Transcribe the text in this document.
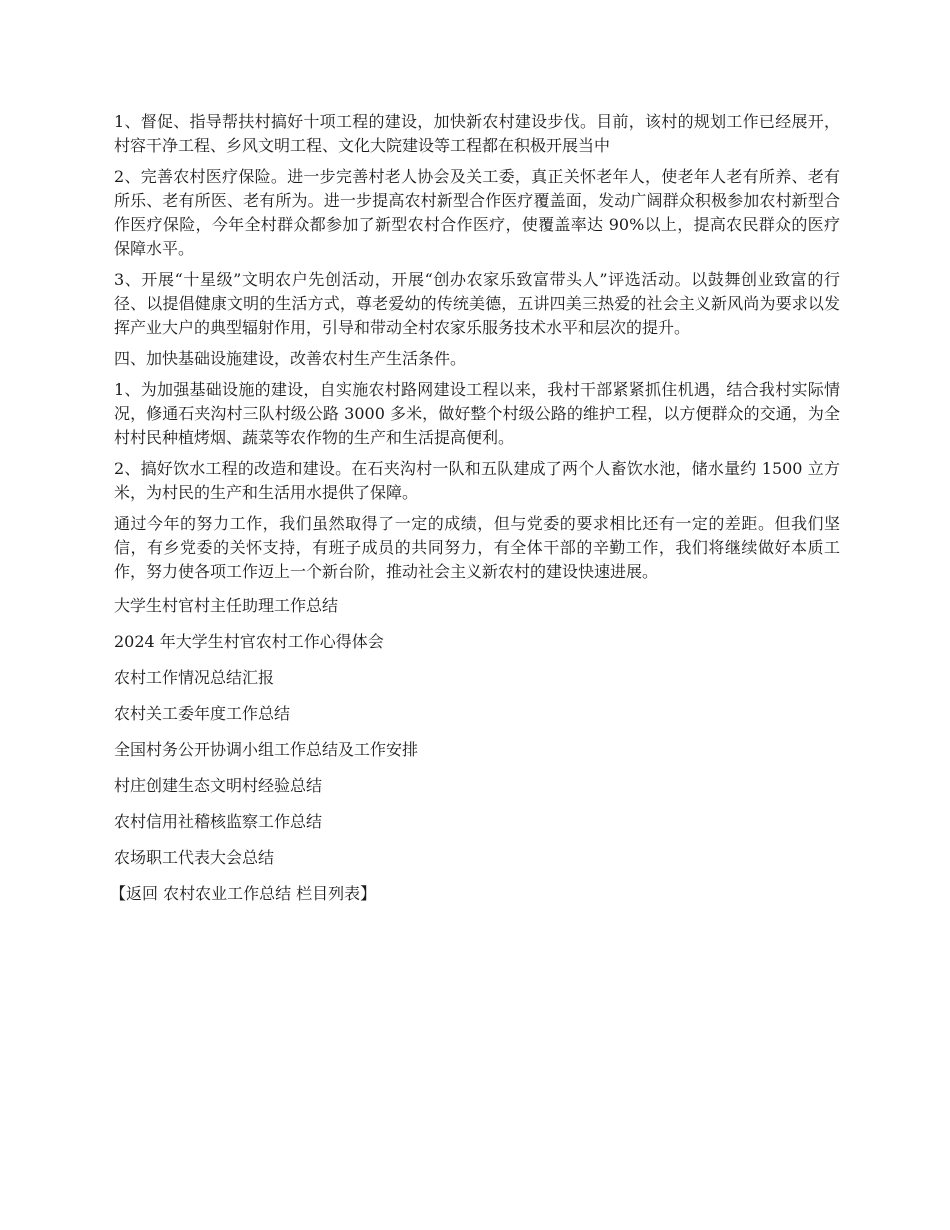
1、督促、指导帮扶村搞好十项工程的建设，加快新农村建设步伐。目前，该村的规划工作已经展开，村容干净工程、乡风文明工程、文化大院建设等工程都在积极开展当中

2、完善农村医疗保险。进一步完善村老人协会及关工委，真正关怀老年人，使老年人老有所养、老有所乐、老有所医、老有所为。进一步提高农村新型合作医疗覆盖面，发动广阔群众积极参加农村新型合作医疗保险，今年全村群众都参加了新型农村合作医疗，使覆盖率达 90%以上，提高农民群众的医疗保障水平。

3、开展“十星级”文明农户先创活动，开展“创办农家乐致富带头人”评选活动。以鼓舞创业致富的行径、以提倡健康文明的生活方式，尊老爱幼的传统美德，五讲四美三热爱的社会主义新风尚为要求以发挥产业大户的典型辐射作用，引导和带动全村农家乐服务技术水平和层次的提升。

四、加快基础设施建设，改善农村生产生活条件。

1、为加强基础设施的建设，自实施农村路网建设工程以来，我村干部紧紧抓住机遇，结合我村实际情况，修通石夹沟村三队村级公路 3000 多米，做好整个村级公路的维护工程，以方便群众的交通，为全村村民种植烤烟、蔬菜等农作物的生产和生活提高便利。

2、搞好饮水工程的改造和建设。在石夹沟村一队和五队建成了两个人畜饮水池，储水量约 1500 立方米，为村民的生产和生活用水提供了保障。

通过今年的努力工作，我们虽然取得了一定的成绩，但与党委的要求相比还有一定的差距。但我们坚信，有乡党委的关怀支持，有班子成员的共同努力，有全体干部的辛勤工作，我们将继续做好本质工作，努力使各项工作迈上一个新台阶，推动社会主义新农村的建设快速进展。

大学生村官村主任助理工作总结
2024 年大学生村官农村工作心得体会
农村工作情况总结汇报
农村关工委年度工作总结
全国村务公开协调小组工作总结及工作安排
村庄创建生态文明村经验总结
农村信用社稽核监察工作总结
农场职工代表大会总结
【返回 农村农业工作总结 栏目列表】
